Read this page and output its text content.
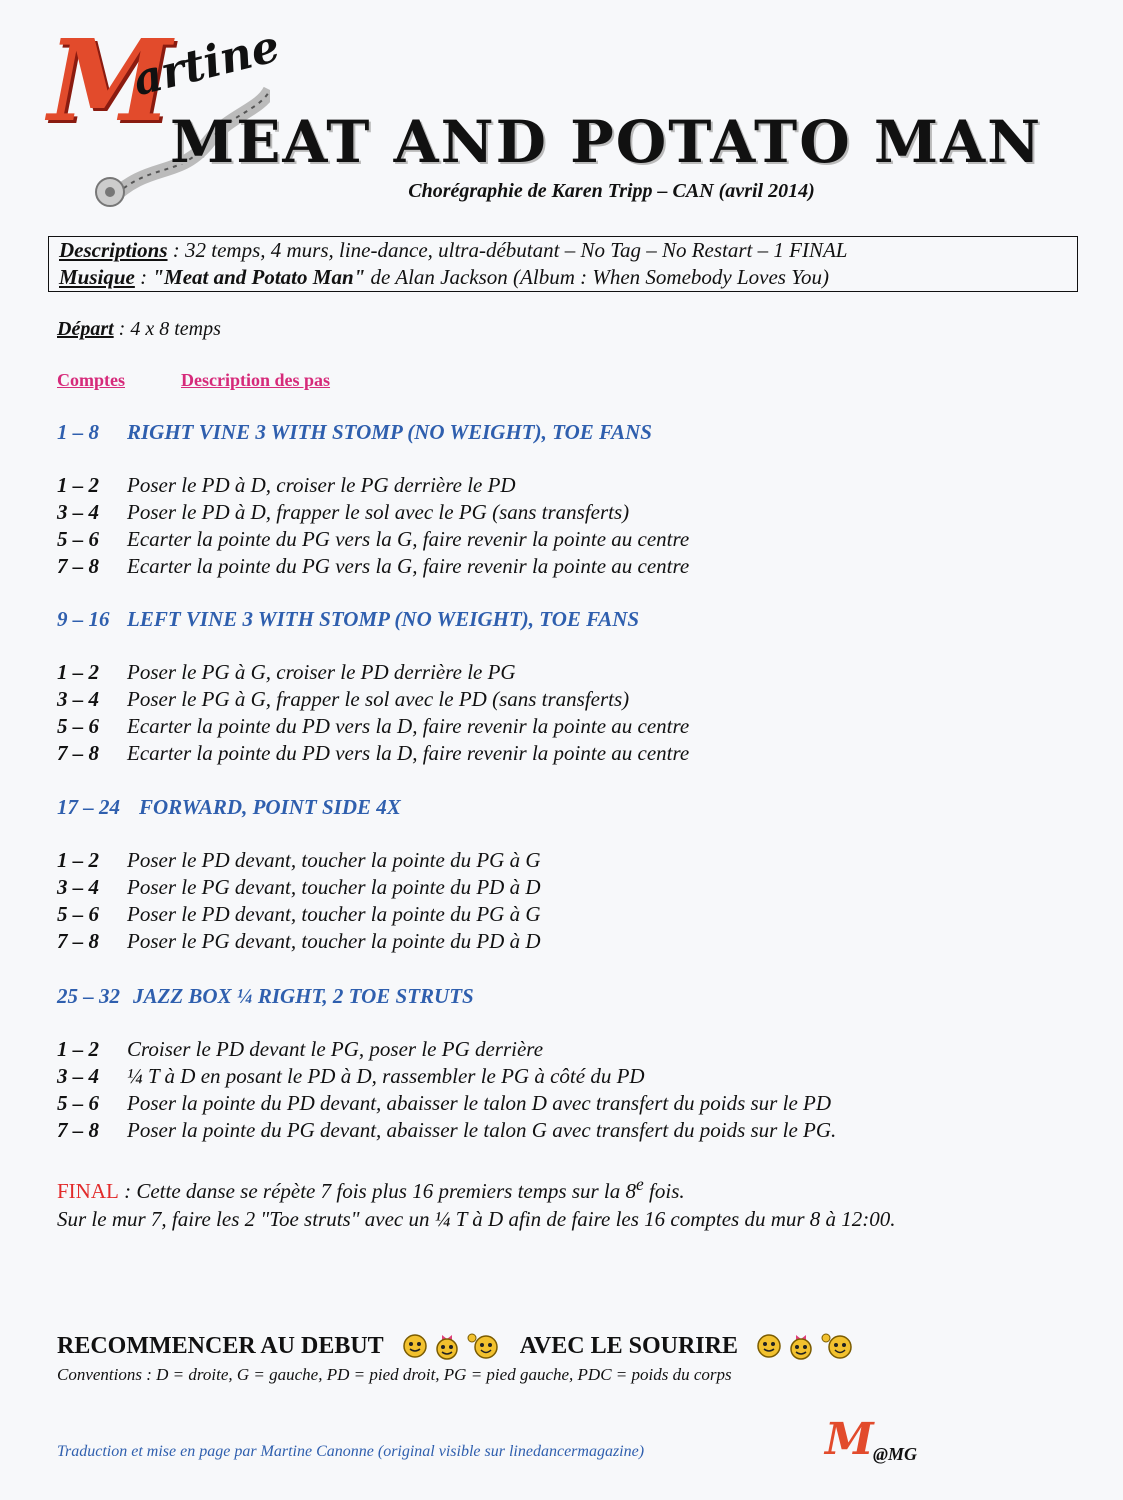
M
artine
MEAT AND POTATO MAN
Chorégraphie de Karen Tripp – CAN (avril 2014)
Descriptions : 32 temps, 4 murs, line-dance, ultra-débutant – No Tag – No Restart – 1 FINAL
Musique : "Meat and Potato Man" de Alan Jackson (Album : When Somebody Loves You)
Départ : 4 x 8 temps
Comptes	Description des pas
1 – 8 RIGHT VINE 3 WITH STOMP (NO WEIGHT), TOE FANS
1 – 2 Poser le PD à D, croiser le PG derrière le PD
3 – 4 Poser le PD à D, frapper le sol avec le PG (sans transferts)
5 – 6 Ecarter la pointe du PG vers la G, faire revenir la pointe au centre
7 – 8 Ecarter la pointe du PG vers la G, faire revenir la pointe au centre
9 – 16 LEFT VINE 3 WITH STOMP (NO WEIGHT), TOE FANS
1 – 2 Poser le PG à G, croiser le PD derrière le PG
3 – 4 Poser le PG à G, frapper le sol avec le PD (sans transferts)
5 – 6 Ecarter la pointe du PD vers la D, faire revenir la pointe au centre
7 – 8 Ecarter la pointe du PD vers la D, faire revenir la pointe au centre
17 – 24 FORWARD, POINT SIDE 4X
1 – 2 Poser le PD devant, toucher la pointe du PG à G
3 – 4 Poser le PG devant, toucher la pointe du PD à D
5 – 6 Poser le PD devant, toucher la pointe du PG à G
7 – 8 Poser le PG devant, toucher la pointe du PD à D
25 – 32 JAZZ BOX ¼ RIGHT, 2 TOE STRUTS
1 – 2 Croiser le PD devant le PG, poser le PG derrière
3 – 4 ¼ T à D en posant le PD à D, rassembler le PG à côté du PD
5 – 6 Poser la pointe du PD devant, abaisser le talon D avec transfert du poids sur le PD
7 – 8 Poser la pointe du PG devant, abaisser le talon G avec transfert du poids sur le PG.
FINAL : Cette danse se répète 7 fois plus 16 premiers temps sur la 8e fois.
Sur le mur 7, faire les 2 "Toe struts" avec un ¼ T à D afin de faire les 16 comptes du mur 8 à 12:00.
RECOMMENCER AU DEBUT	AVEC LE SOURIRE
Conventions : D = droite, G = gauche, PD = pied droit, PG = pied gauche, PDC = poids du corps
Traduction et mise en page par Martine Canonne (original visible sur linedancermagazine)	M @MG
